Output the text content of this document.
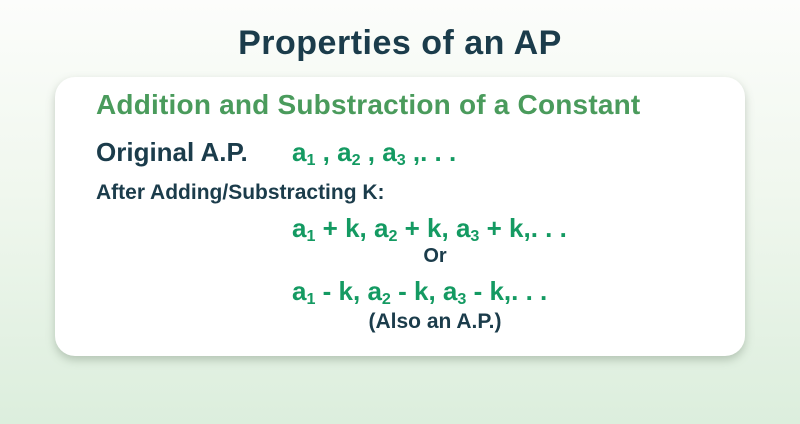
Properties of an AP
Addition and Substraction of a Constant
Original A.P.	$a_1$ , $a_2$ , $a_3$ ,. . .
After Adding/Substracting K:
$a_1 + k$, $a_2 + k$, $a_3 + k$,. . .
Or
$a_1$ - k, $a_2$ - k, $a_3$ - k,. . .
(Also an A.P.)
